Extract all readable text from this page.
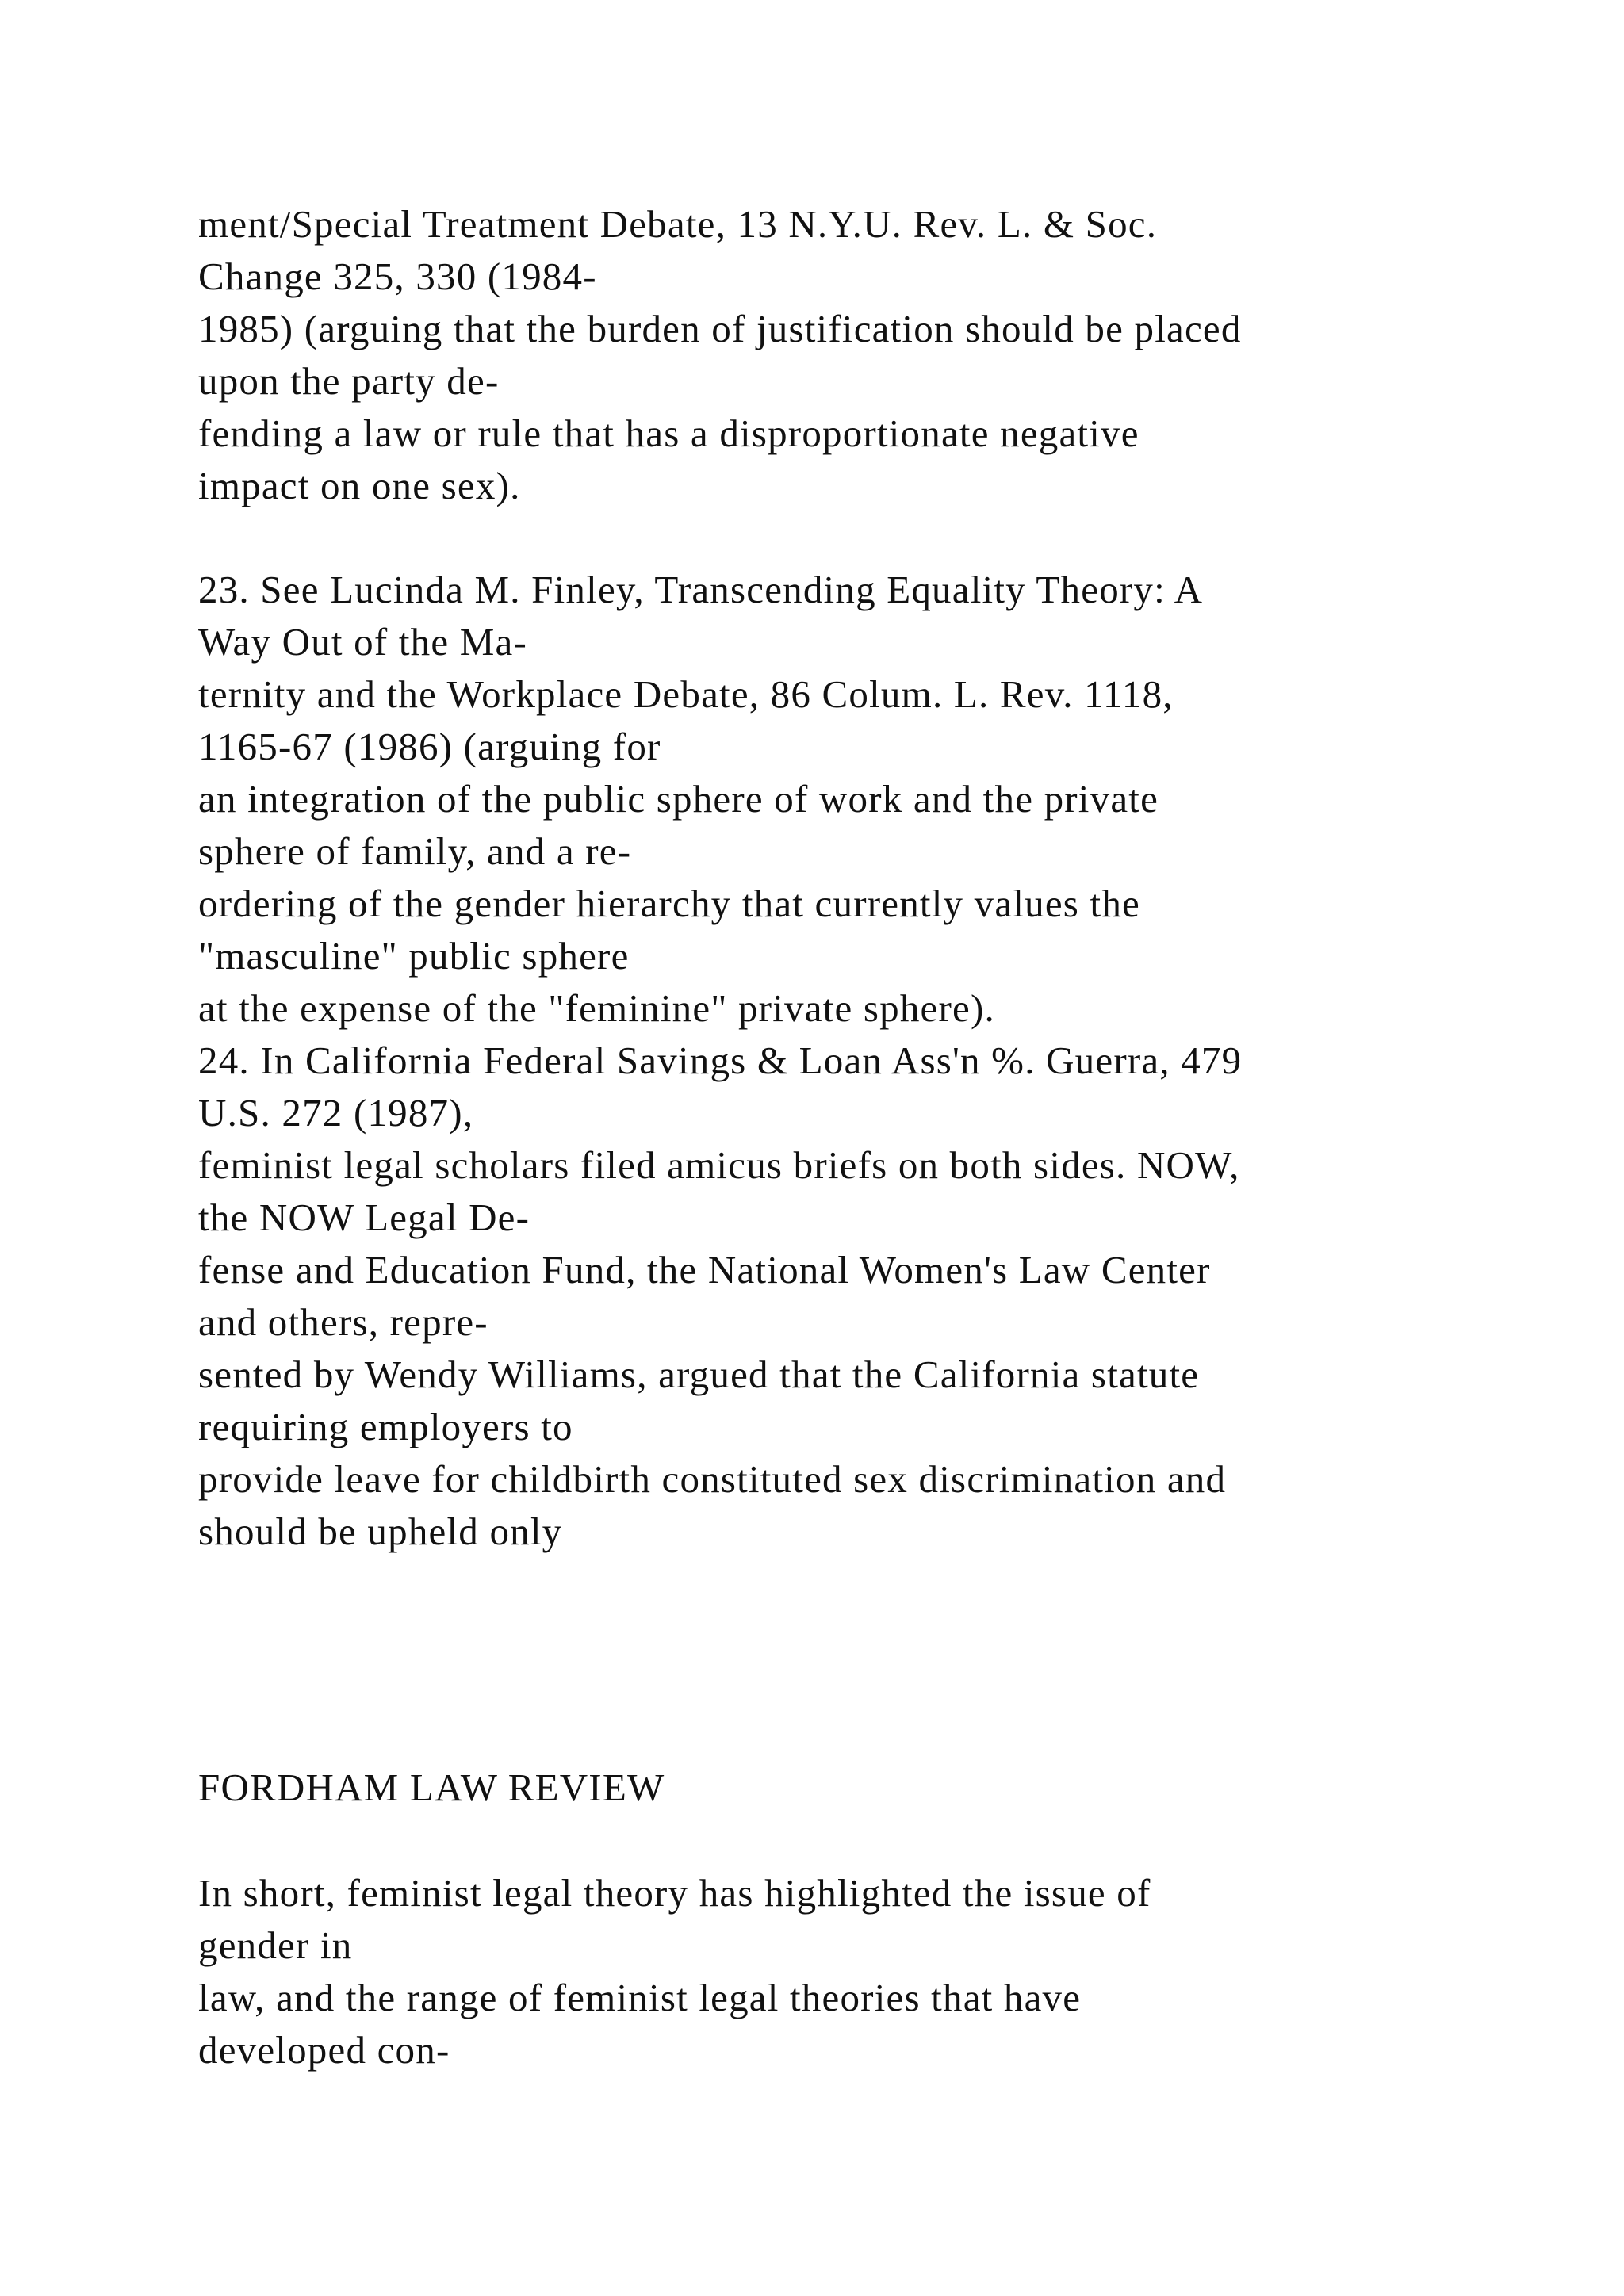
ment/Special Treatment Debate, 13 N.Y.U. Rev. L. & Soc.
Change 325, 330 (1984-
1985) (arguing that the burden of justification should be placed
upon the party de-
fending a law or rule that has a disproportionate negative
impact on one sex).
23. See Lucinda M. Finley, Transcending Equality Theory: A
Way Out of the Ma-
ternity and the Workplace Debate, 86 Colum. L. Rev. 1118,
1165-67 (1986) (arguing for
an integration of the public sphere of work and the private
sphere of family, and a re-
ordering of the gender hierarchy that currently values the
"masculine" public sphere
at the expense of the "feminine" private sphere).
24. In California Federal Savings & Loan Ass'n %. Guerra, 479
U.S. 272 (1987),
feminist legal scholars filed amicus briefs on both sides. NOW,
the NOW Legal De-
fense and Education Fund, the National Women's Law Center
and others, repre-
sented by Wendy Williams, argued that the California statute
requiring employers to
provide leave for childbirth constituted sex discrimination and
should be upheld only
FORDHAM LAW REVIEW
In short, feminist legal theory has highlighted the issue of
gender in
law, and the range of feminist legal theories that have
developed con-
